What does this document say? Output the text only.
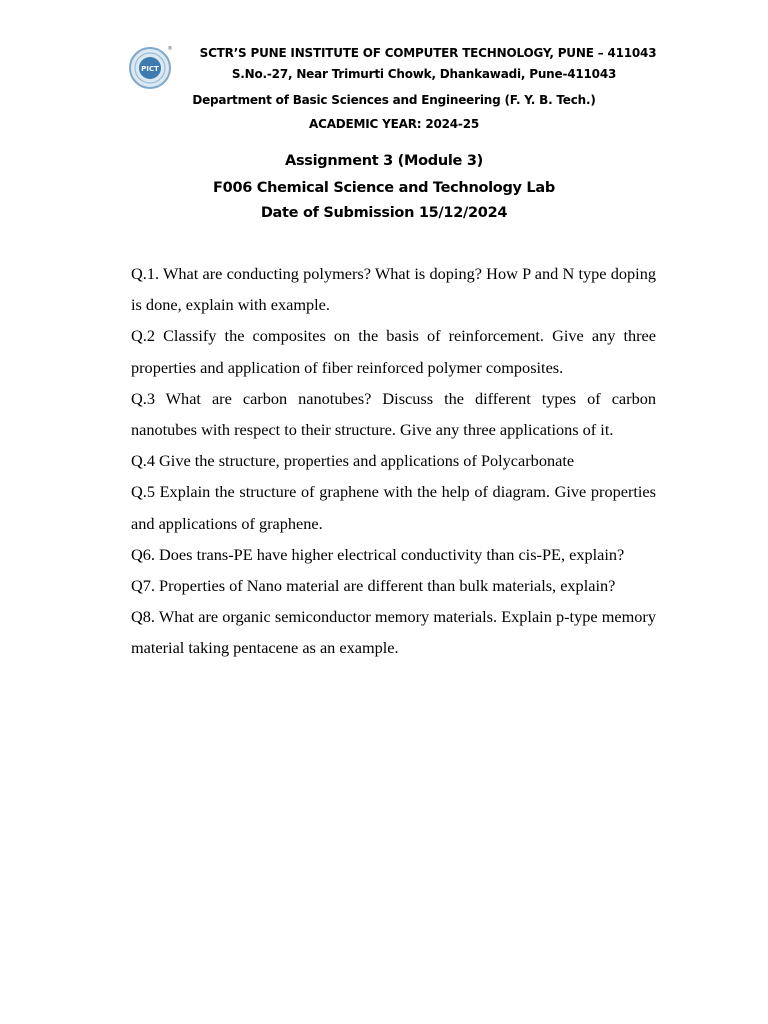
PICT
®	SCTR’S PUNE INSTITUTE OF COMPUTER TECHNOLOGY, PUNE – 411043
S.No.-27, Near Trimurti Chowk, Dhankawadi, Pune-411043
Department of Basic Sciences and Engineering (F. Y. B. Tech.)
ACADEMIC YEAR: 2024-25
Assignment 3 (Module 3)
F006 Chemical Science and Technology Lab
Date of Submission 15/12/2024

Q.1. What are conducting polymers? What is doping? How P and N type doping is done, explain with example.

Q.2 Classify the composites on the basis of reinforcement. Give any three properties and application of fiber reinforced polymer composites.

Q.3 What are carbon nanotubes? Discuss the different types of carbon nanotubes with respect to their structure. Give any three applications of it.

Q.4 Give the structure, properties and applications of Polycarbonate

Q.5 Explain the structure of graphene with the help of diagram. Give properties and applications of graphene.

Q6. Does trans-PE have higher electrical conductivity than cis-PE, explain?

Q7. Properties of Nano material are different than bulk materials, explain?

Q8. What are organic semiconductor memory materials. Explain p-type memory material taking pentacene as an example.
